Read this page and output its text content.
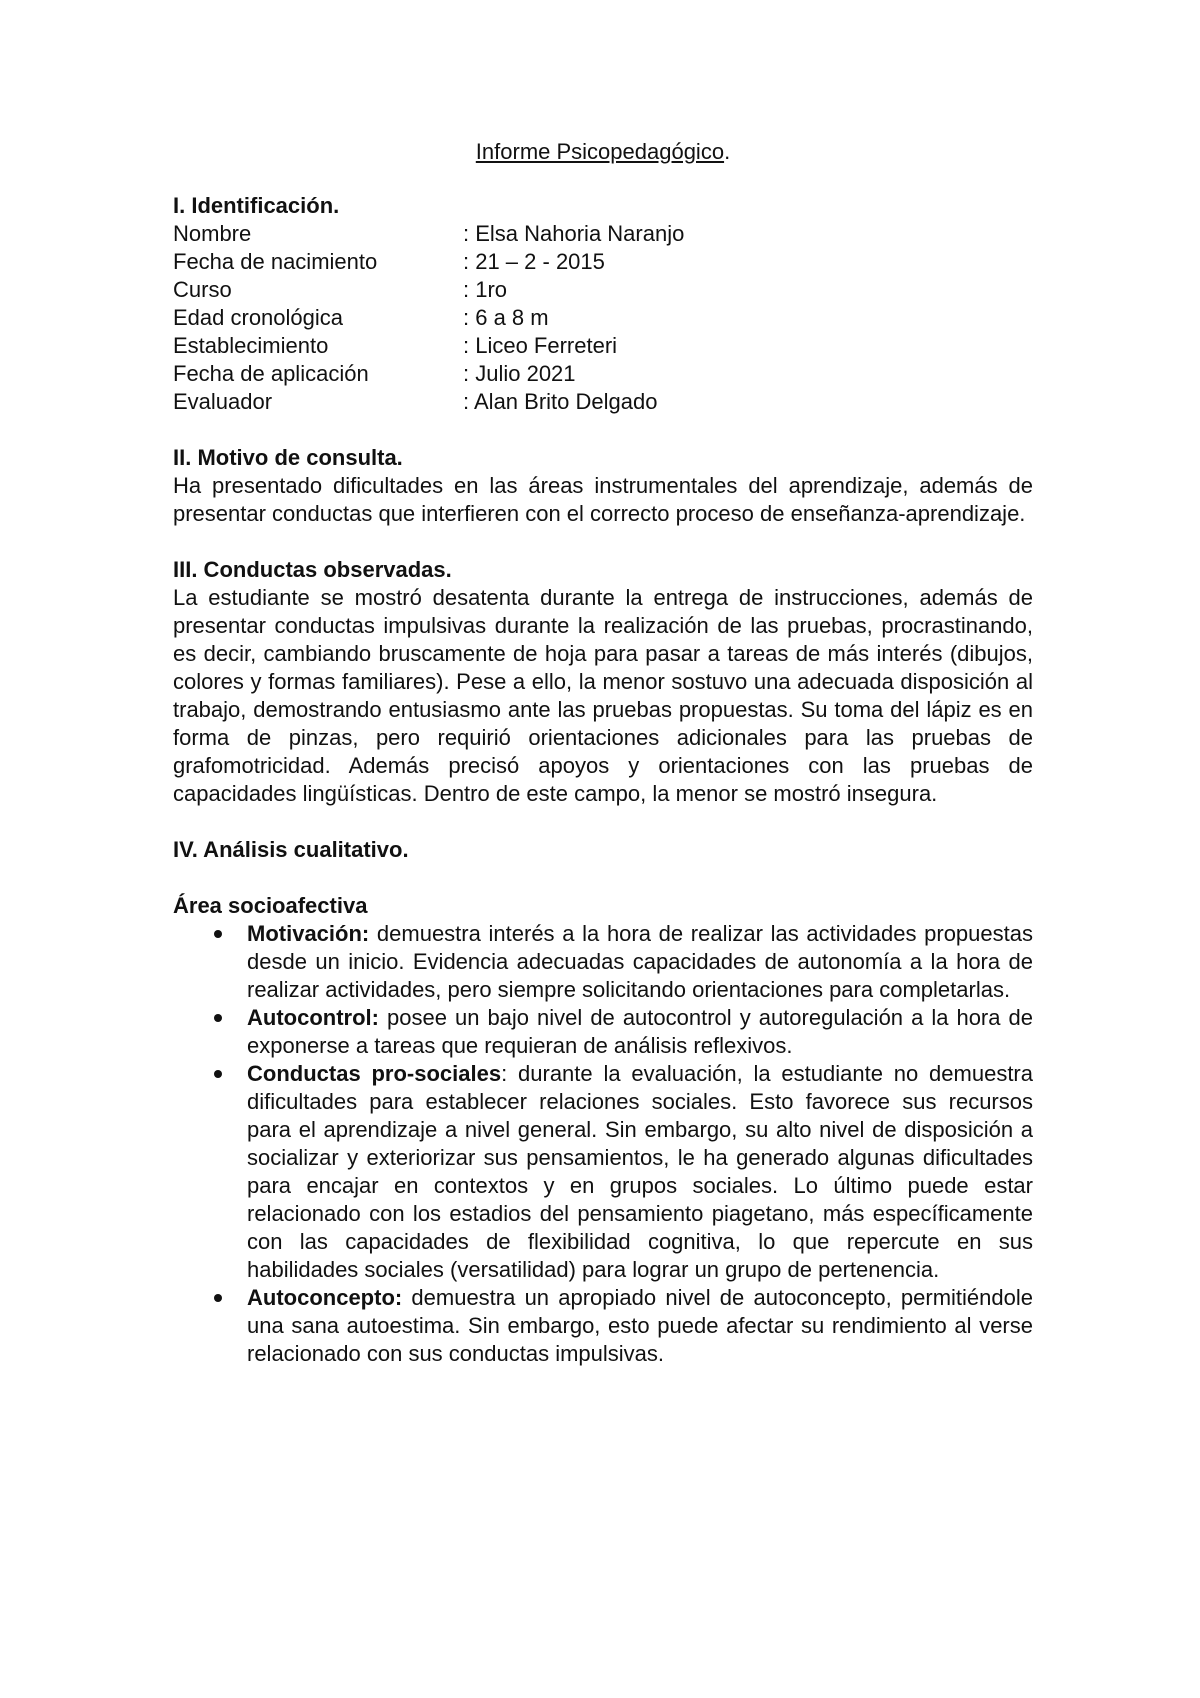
Informe Psicopedagógico.
I. Identificación.
Nombre	: Elsa Nahoria Naranjo
Fecha de nacimiento	: 21 – 2 - 2015
Curso	: 1ro
Edad cronológica	: 6 a 8 m
Establecimiento	: Liceo Ferreteri
Fecha de aplicación	: Julio 2021
Evaluador	: Alan Brito Delgado
II. Motivo de consulta.

Ha presentado dificultades en las áreas instrumentales del aprendizaje, además de presentar conductas que interfieren con el correcto proceso de enseñanza-aprendizaje.

III. Conductas observadas.

La estudiante se mostró desatenta durante la entrega de instrucciones, además de presentar conductas impulsivas durante la realización de las pruebas, procrastinando, es decir, cambiando bruscamente de hoja para pasar a tareas de más interés (dibujos, colores y formas familiares). Pese a ello, la menor sostuvo una adecuada disposición al trabajo, demostrando entusiasmo ante las pruebas propuestas. Su toma del lápiz es en forma de pinzas, pero requirió orientaciones adicionales para las pruebas de grafomotricidad. Además precisó apoyos y orientaciones con las pruebas de capacidades lingüísticas. Dentro de este campo, la menor se mostró insegura.

IV. Análisis cualitativo.
Área socioafectiva
Motivación: demuestra interés a la hora de realizar las actividades propuestas desde un inicio. Evidencia adecuadas capacidades de autonomía a la hora de realizar actividades, pero siempre solicitando orientaciones para completarlas.
Autocontrol: posee un bajo nivel de autocontrol y autoregulación a la hora de exponerse a tareas que requieran de análisis reflexivos.
Conductas pro-sociales: durante la evaluación, la estudiante no demuestra dificultades para establecer relaciones sociales. Esto favorece sus recursos para el aprendizaje a nivel general. Sin embargo, su alto nivel de disposición a socializar y exteriorizar sus pensamientos, le ha generado algunas dificultades para encajar en contextos y en grupos sociales. Lo último puede estar relacionado con los estadios del pensamiento piagetano, más específicamente con las capacidades de flexibilidad cognitiva, lo que repercute en sus habilidades sociales (versatilidad) para lograr un grupo de pertenencia.
Autoconcepto: demuestra un apropiado nivel de autoconcepto, permitiéndole una sana autoestima. Sin embargo, esto puede afectar su rendimiento al verse relacionado con sus conductas impulsivas.
